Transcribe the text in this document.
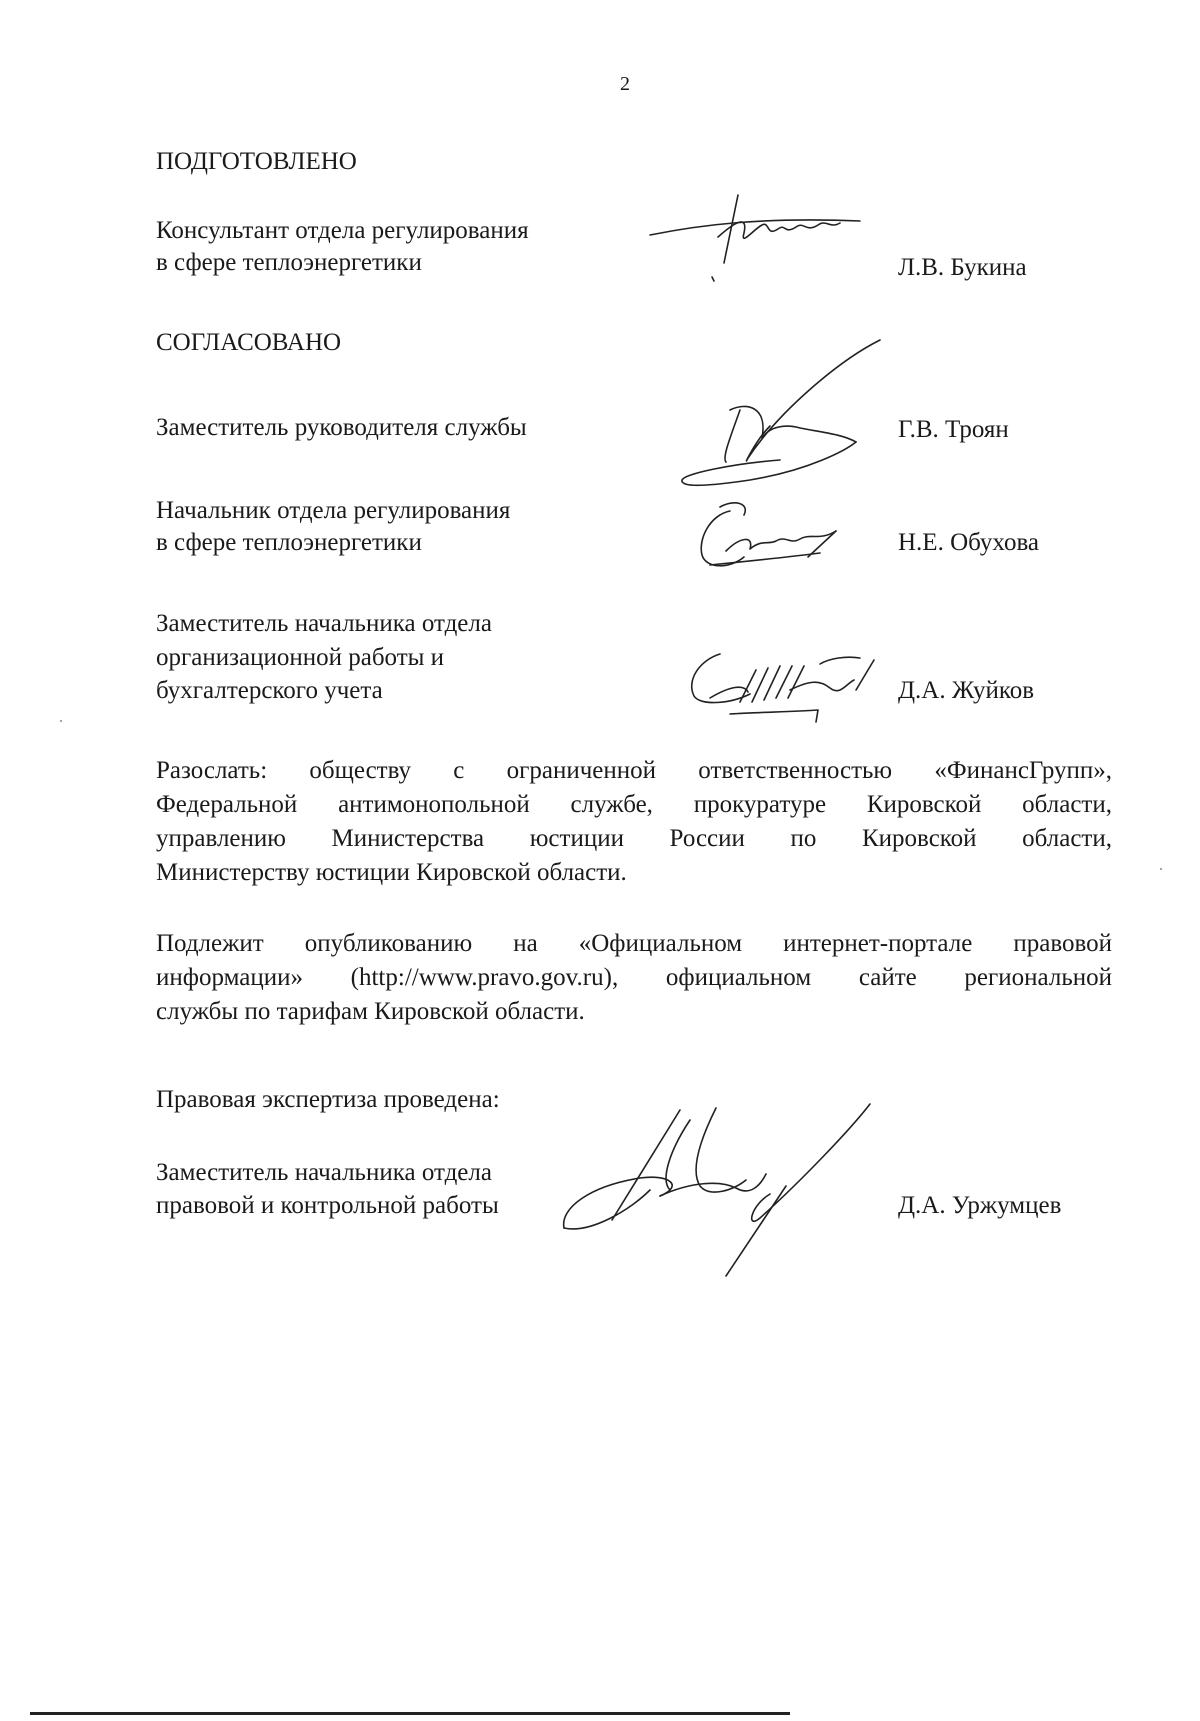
2
ПОДГОТОВЛЕНО
Консультант отдела регулирования
в сфере теплоэнергетики	Л.В. Букина
СОГЛАСОВАНО
Заместитель руководителя службы	Г.В. Троян
Начальник отдела регулирования
в сфере теплоэнергетики	Н.Е. Обухова
Заместитель начальника отдела
организационной работы и
бухгалтерского учета	Д.А. Жуйков
Разослать: обществу с ограниченной ответственностью «ФинансГрупп»,
Федеральной антимонопольной службе, прокуратуре Кировской области,
управлению Министерства юстиции России по Кировской области,
Министерству юстиции Кировской области.
Подлежит опубликованию на «Официальном интернет-портале правовой
информации» (http://www.pravo.gov.ru), официальном сайте региональной
службы по тарифам Кировской области.
Правовая экспертиза проведена:
Заместитель начальника отдела
правовой и контрольной работы	Д.А. Уржумцев
